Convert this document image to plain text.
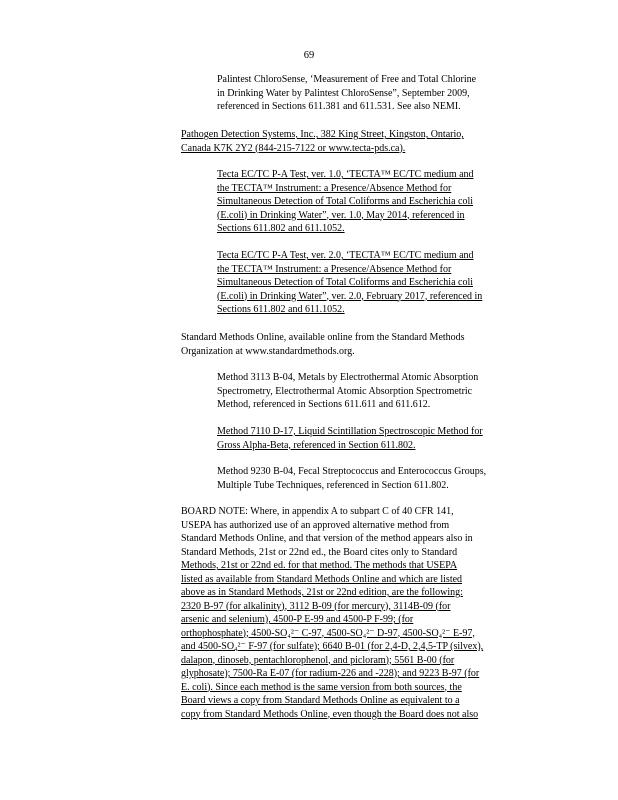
69
Palintest ChloroSense, ‘Measurement of Free and Total Chlorine
in Drinking Water by Palintest ChloroSense”, September 2009,
referenced in Sections 611.381 and 611.531. See also NEMI.
Pathogen Detection Systems, Inc., 382 King Street, Kingston, Ontario,
Canada K7K 2Y2 (844-215-7122 or www.tecta-pds.ca).
Tecta EC/TC P-A Test, ver. 1.0, ‘TECTA™ EC/TC medium and
the TECTA™ Instrument: a Presence/Absence Method for
Simultaneous Detection of Total Coliforms and Escherichia coli
(E.coli) in Drinking Water”, ver. 1.0, May 2014, referenced in
Sections 611.802 and 611.1052.
Tecta EC/TC P-A Test, ver. 2.0, ‘TECTA™ EC/TC medium and
the TECTA™ Instrument: a Presence/Absence Method for
Simultaneous Detection of Total Coliforms and Escherichia coli
(E.coli) in Drinking Water”, ver. 2.0, February 2017, referenced in
Sections 611.802 and 611.1052.
Standard Methods Online, available online from the Standard Methods
Organization at www.standardmethods.org.
Method 3113 B-04, Metals by Electrothermal Atomic Absorption
Spectrometry, Electrothermal Atomic Absorption Spectrometric
Method, referenced in Sections 611.611 and 611.612.
Method 7110 D-17, Liquid Scintillation Spectroscopic Method for
Gross Alpha-Beta, referenced in Section 611.802.
Method 9230 B-04, Fecal Streptococcus and Enterococcus Groups,
Multiple Tube Techniques, referenced in Section 611.802.
BOARD NOTE: Where, in appendix A to subpart C of 40 CFR 141,
USEPA has authorized use of an approved alternative method from
Standard Methods Online, and that version of the method appears also in
Standard Methods, 21st or 22nd ed., the Board cites only to Standard
Methods, 21st or 22nd ed. for that method. The methods that USEPA
listed as available from Standard Methods Online and which are listed
above as in Standard Methods, 21st or 22nd edition, are the following:
2320 B-97 (for alkalinity), 3112 B-09 (for mercury), 3114B-09 (for
arsenic and selenium), 4500-P E-99 and 4500-P F-99; (for
orthophosphate); 4500-SO₄²⁻ C-97, 4500-SO₄²⁻ D-97, 4500-SO₄²⁻ E-97,
and 4500-SO₄²⁻ F-97 (for sulfate); 6640 B-01 (for 2,4-D, 2,4,5-TP (silvex),
dalapon, dinoseb, pentachlorophenol, and picloram); 5561 B-00 (for
glyphosate); 7500-Ra E-07 (for radium-226 and -228); and 9223 B-97 (for
E. coli). Since each method is the same version from both sources, the
Board views a copy from Standard Methods Online as equivalent to a
copy from Standard Methods Online, even though the Board does not also
